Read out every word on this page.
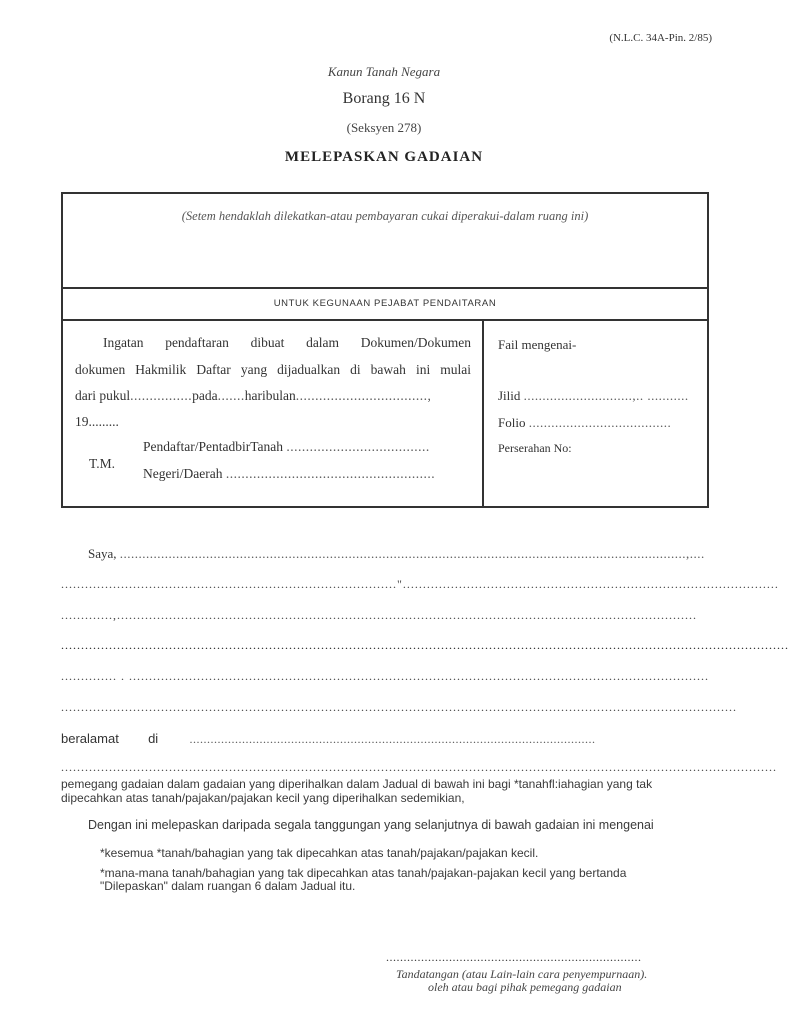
(N.L.C. 34A-Pin. 2/85)
Kanun Tanah Negara
Borang 16 N
(Seksyen 278)
MELEPASKAN GADAIAN
(Setem hendaklah dilekatkan-atau pembayaran cukai diperakui-dalam ruang ini)
UNTUK KEGUNAAN PEJABAT PENDAITARAN
Ingatan pendaftaran dibuat dalam Dokumen/Dokumen
dokumen Hakmilik Daftar yang dijadualkan di bawah ini mulai
dari pukul................pada.......haribulan..................................,
19.........
T.M.
Pendaftar/PentadbirTanah .....................................
Negeri/Daerah ......................................................
Fail mengenai-
Jilid .............................,.. ...........
Folio ......................................
Perserahan No:
Saya, .......................................................................................................................................................,....
...................................................................................."..............................................................................................
.............,.................................................................................................................................................
......................................................................................................................................................................................
.............. . .................................................................................................................................................
.........................................................................................................................................................................
beralamat di	....................................................................................................................
...................................................................................................................................................................................
pemegang gadaian dalam gadaian yang diperihalkan dalam Jadual di bawah ini bagi *tanahfl:iahagian yang tak
dipecahkan atas tanah/pajakan/pajakan kecil yang diperihalkan sedemikian,
Dengan ini melepaskan daripada segala tanggungan yang selanjutnya di bawah gadaian ini mengenai
*kesemua *tanah/bahagian yang tak dipecahkan atas tanah/pajakan/pajakan kecil.
*mana-mana tanah/bahagian yang tak dipecahkan atas tanah/pajakan-pajakan kecil yang bertanda
"Dilepaskan" dalam ruangan 6 dalam Jadual itu.
.........................................................................
Tandatangan (atau Lain-lain cara penyempurnaan).
oleh atau bagi pihak pemegang gadaian
